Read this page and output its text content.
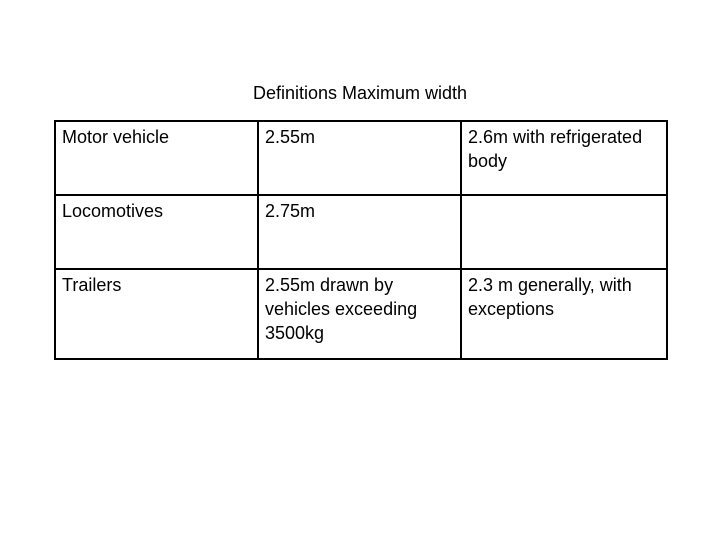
Definitions Maximum width
Motor vehicle	2.55m	2.6m with refrigerated body
Locomotives	2.75m	
Trailers	2.55m drawn by vehicles exceeding 3500kg	2.3 m generally, with exceptions
